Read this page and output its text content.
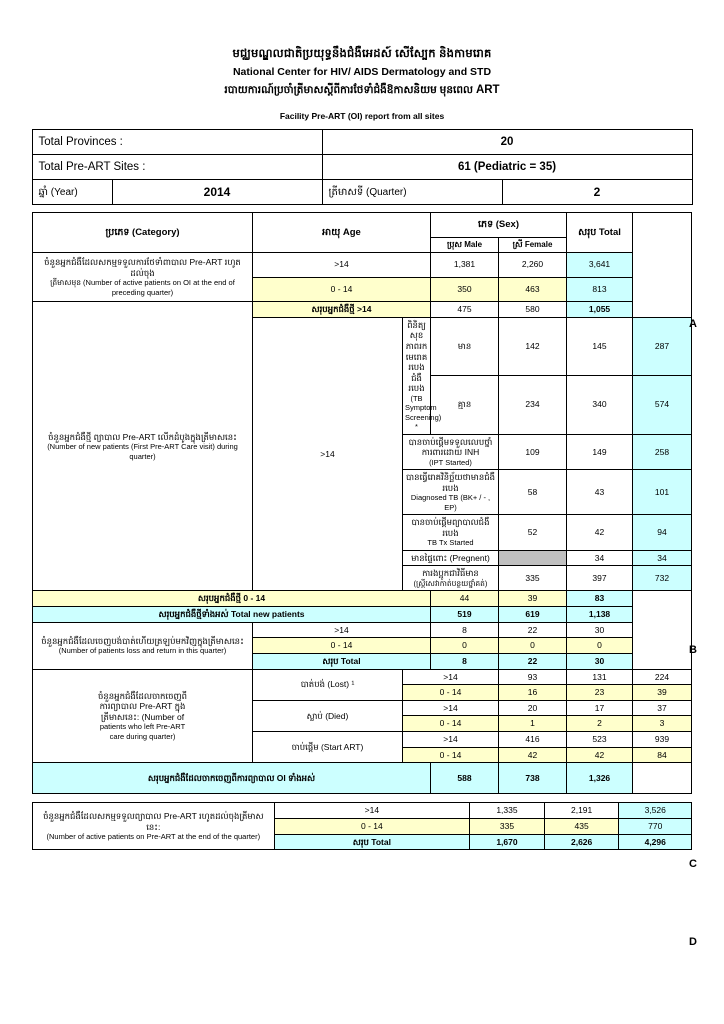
មជ្ឈមណ្ឌលជាតិប្រយុទ្ធនឹងជំងឺអេដស៍ សើស្បែក និងកាមរោគ
National Center for HIV/ AIDS Dermatology and STD
របាយការណ៍ប្រចាំត្រីមាសស្ដីពីការថែទាំជំងឺឱកាសនិយម មុនពេល ART
Facility Pre-ART (OI) report from all sites
Total Provinces :	20
Total Pre-ART Sites :	61 (Pediatric = 35)
ឆ្នាំ (Year)	2014	ត្រីមាសទី (Quarter)	2
ប្រភេទ (Category)	អាយុ Age		ភេទ (Sex)		សរុប Total	
			ប្រុស Male	ស្រី Female		

ចំនួនអ្នកជំងឺដែលសកម្មទទួលការថែទាំពាបាល Pre-ART រហូតដល់ចុង
ត្រីមាសមុន (Number of active patients on OI at the end of preceding quarter)	>14		1,381	2,260	3,641	
	0 - 14		350	463	813	

ចំនួនអ្នកជំងឺថ្មី ព្យាបាល Pre-ART លើកដំបូងក្នុងត្រីមាសនេះ
(Number of new patients (First Pre-ART Care visit) during quarter)	សរុបអ្នកជំងឺថ្មី >14		475	580	1,055	
	>14	ពិនិត្យសុខភាពរកមេរោគរបេងជំងឺរបេង
(TB Symptom Screening) *	មាន	142	145	287
			គ្មាន	234	340	574

		បានចាប់ផ្ដើមទទួលលេបថ្នាំការពារដោយ INH
(IPT Started)		109	149	258

		បានធ្វើរោគវិនិច្ឆ័យថាមានជំងឺរបេង
Diagnosed TB (BK+ / - , EP)		58	43	101

		បានចាប់ផ្ដើមព្យាបាលជំងឺរបេង
TB Tx Started		52	42	94
		មានផ្ទៃពោះ (Pregnent)			34	34

		ការងប្អូកជាវិធីមាន
(ស្ត្រីសេវាកាត់បន្ថយថ្នាំគត់)		335	397	732
សរុបអ្នកជំងឺថ្មី 0 - 14			44	39	83	
សរុបអ្នកជំងឺថ្មីទាំងអស់ Total new patients			519	619	1,138	

ចំនួនអ្នកជំងឺដែលចេញបង់បាត់ហើយត្រឡប់មកវិញក្នុងត្រីមាសនេះ
(Number of patients loss and return in this quarter)	>14		8	22	30	
	0 - 14		0	0	0	
	សរុប Total		8	22	30	

ចំនួនអ្នកជំងឺដែលចាកចេញពី
ការព្យាបាល Pre-ART ក្នុង
ត្រីមាសនេះ: (Number of
patients who left Pre-ART
care during quarter)	បាត់បង់ (Lost) ¹	>14		93	131	224
		0 - 14		16	23	39
	ស្លាប់ (Died)	>14		20	17	37
		0 - 14		1	2	3
	ចាប់ផ្ដើម (Start ART)	>14		416	523	939
		0 - 14		42	42	84
សរុបអ្នកជំងឺដែលចាកចេញពីការព្យាបាល OI ទាំងអស់			588	738	1,326	
ចំនួនអ្នកជំងឺដែលសកម្មទទួលព្យាបាល Pre-ART រហូតដល់ចុងត្រីមាសនេះ:
(Number of active patients on Pre-ART at the end of the quarter)	>14	1,335	2,191	3,526
	0 - 14	335	435	770
	សរុប Total	1,670	2,626	4,296
A
B
C
D
